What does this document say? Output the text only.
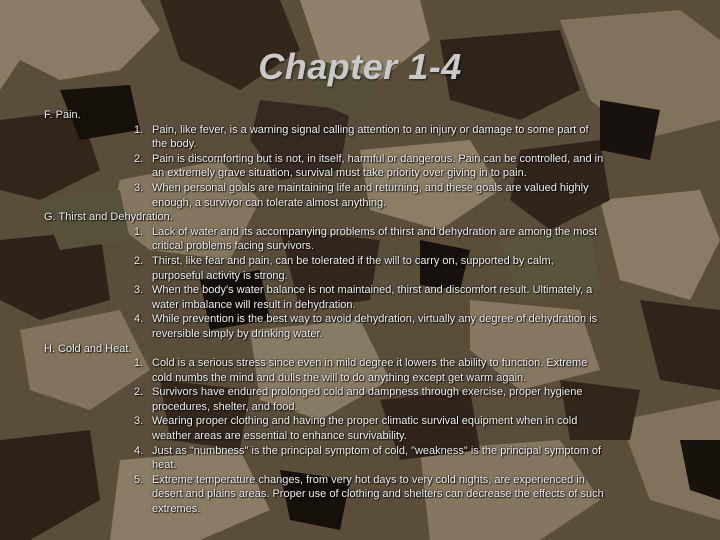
Chapter 1-4
F. Pain.
1. Pain, like fever, is a warning signal calling attention to an injury or damage to some part of the body.
2. Pain is discomforting but is not, in itself, harmful or dangerous. Pain can be controlled, and in an extremely grave situation, survival must take priority over giving in to pain.
3. When personal goals are maintaining life and returning, and these goals are valued highly enough, a survivor can tolerate almost anything.
G. Thirst and Dehydration.
1. Lack of water and its accompanying problems of thirst and dehydration are among the most critical problems facing survivors.
2. Thirst, like fear and pain, can be tolerated if the will to carry on, supported by calm, purposeful activity is strong.
3. When the body's water balance is not maintained, thirst and discomfort result. Ultimately, a water imbalance will result in dehydration.
4. While prevention is the best way to avoid dehydration, virtually any degree of dehydration is reversible simply by drinking water.
H. Cold and Heat.
1. Cold is a serious stress since even in mild degree it lowers the ability to function. Extreme cold numbs the mind and dulls the will to do anything except get warm again.
2. Survivors have endured prolonged cold and dampness through exercise, proper hygiene procedures, shelter, and food.
3. Wearing proper clothing and having the proper climatic survival equipment when in cold weather areas are essential to enhance survivability.
4. Just as "numbness" is the principal symptom of cold, "weakness" is the principal symptom of heat.
5. Extreme temperature changes, from very hot days to very cold nights, are experienced in desert and plains areas. Proper use of clothing and shelters can decrease the effects of such extremes.
